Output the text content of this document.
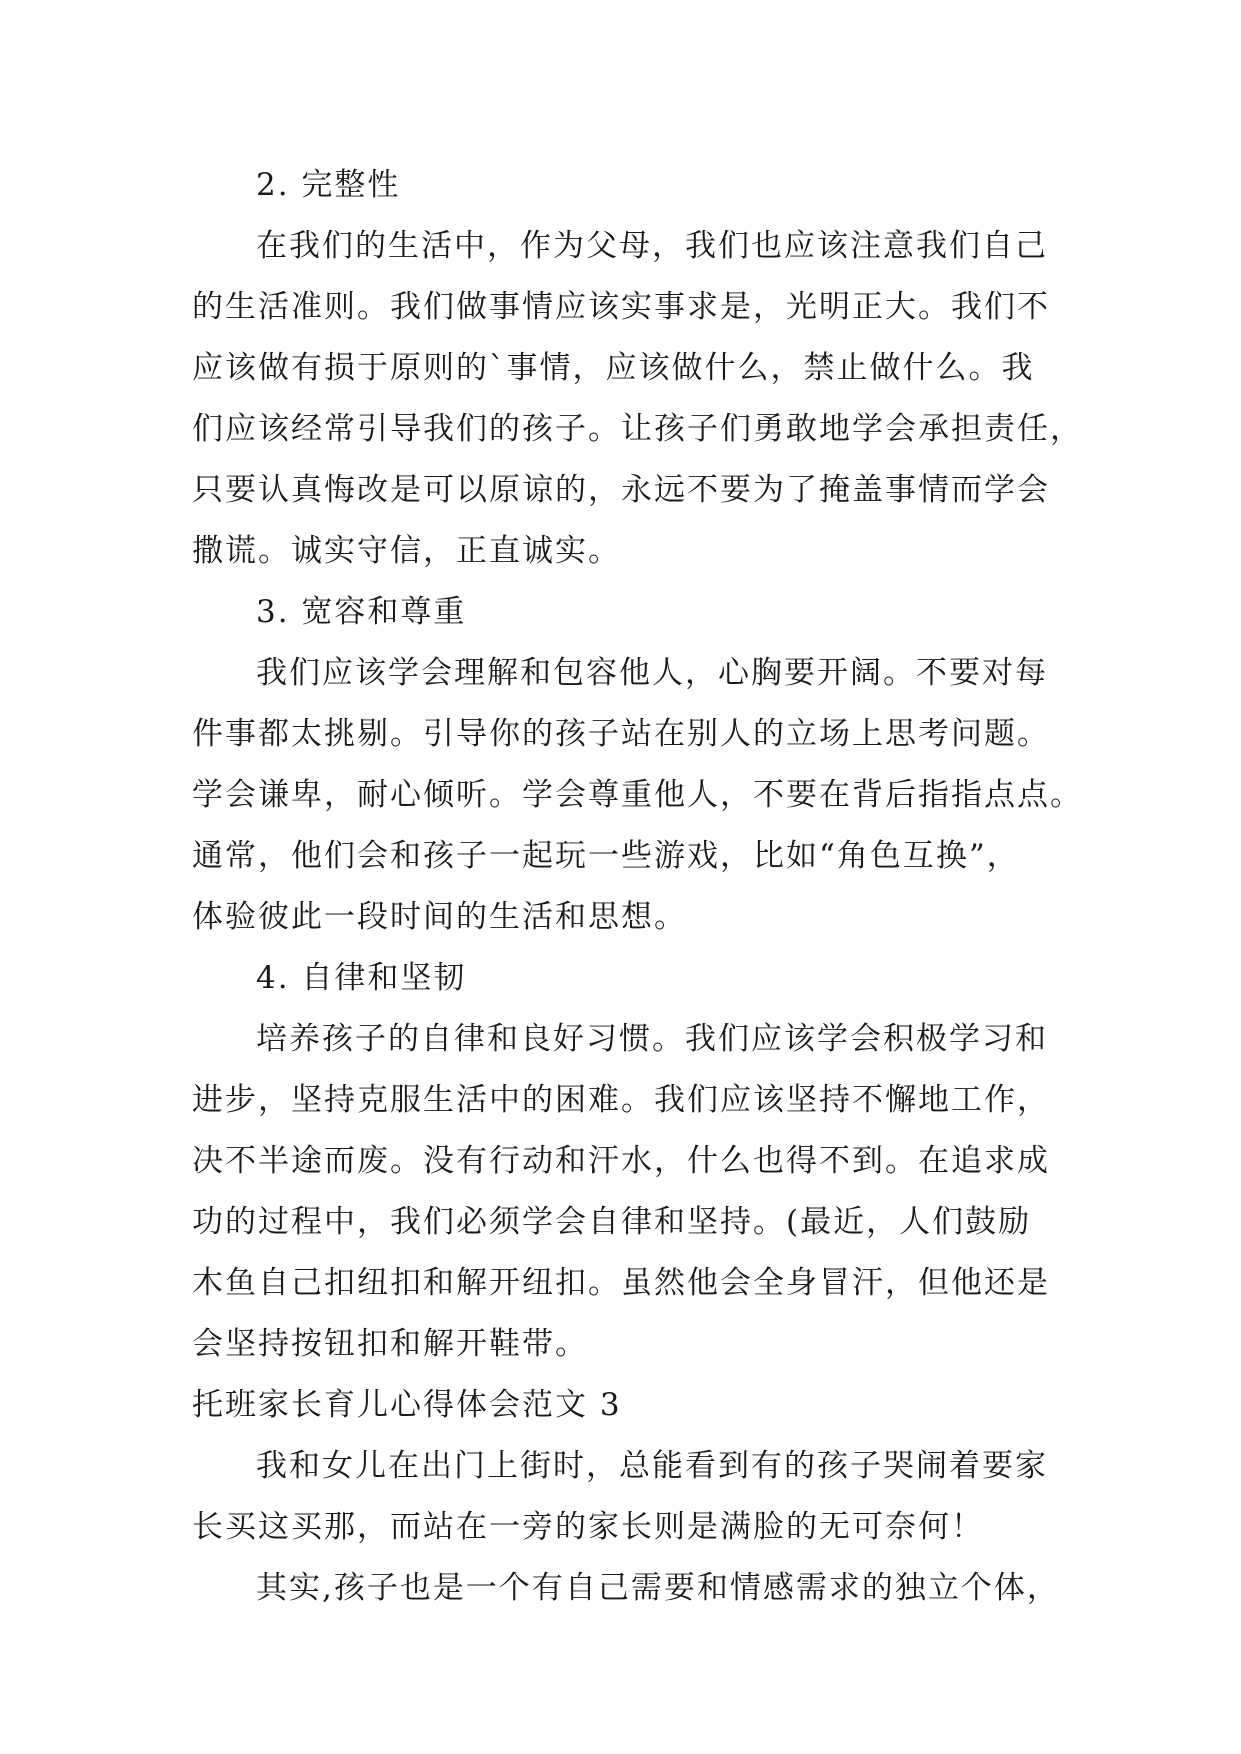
2. 完整性
在我们的生活中，作为父母，我们也应该注意我们自己
的生活准则。我们做事情应该实事求是，光明正大。我们不
应该做有损于原则的`事情，应该做什么，禁止做什么。我
们应该经常引导我们的孩子。让孩子们勇敢地学会承担责任，
只要认真悔改是可以原谅的，永远不要为了掩盖事情而学会
撒谎。诚实守信，正直诚实。
3. 宽容和尊重
我们应该学会理解和包容他人，心胸要开阔。不要对每
件事都太挑剔。引导你的孩子站在别人的立场上思考问题。
学会谦卑，耐心倾听。学会尊重他人，不要在背后指指点点。
通常，他们会和孩子一起玩一些游戏，比如“角色互换”，
体验彼此一段时间的生活和思想。
4. 自律和坚韧
培养孩子的自律和良好习惯。我们应该学会积极学习和
进步，坚持克服生活中的困难。我们应该坚持不懈地工作，
决不半途而废。没有行动和汗水，什么也得不到。在追求成
功的过程中，我们必须学会自律和坚持。(最近，人们鼓励
木鱼自己扣纽扣和解开纽扣。虽然他会全身冒汗，但他还是
会坚持按钮扣和解开鞋带。
托班家长育儿心得体会范文 3
我和女儿在出门上街时，总能看到有的孩子哭闹着要家
长买这买那，而站在一旁的家长则是满脸的无可奈何！
其实,孩子也是一个有自己需要和情感需求的独立个体，
